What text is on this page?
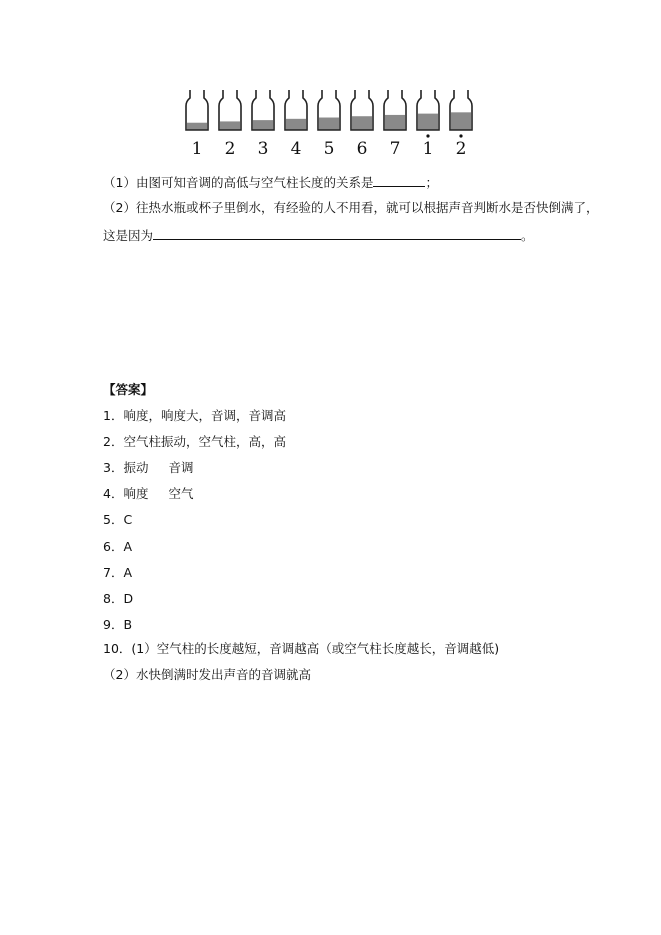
1 2 3 4 5 6 7 1 2
（1）由图可知音调的高低与空气柱长度的关系是	；
（2）往热水瓶或杯子里倒水，有经验的人不用看，就可以根据声音判断水是否快倒满了，
这是因为	。
【答案】
1．响度，响度大，音调，音调高
2．空气柱振动，空气柱，高，高
3．振动 音调
4．响度 空气
5．C
6．A
7．A
8．D
9．B
10．(1）空气柱的长度越短，音调越高（或空气柱长度越长，音调越低)
（2）水快倒满时发出声音的音调就高
